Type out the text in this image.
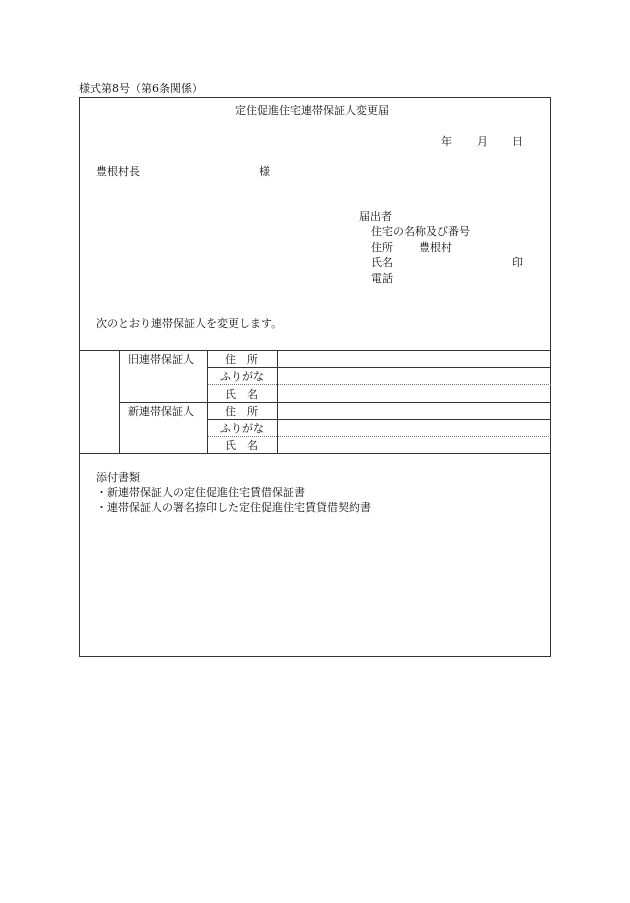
様式第8号（第6条関係）
定住促進住宅連帯保証人変更届
年 月 日
豊根村長	様
届出者
住宅の名称及び番号
住所 豊根村
氏名	印
電話
次のとおり連帯保証人を変更します。
旧連帯保証人	住　所
ふりがな
氏　名
新連帯保証人	住　所
ふりがな
氏　名
添付書類
・新連帯保証人の定住促進住宅賃借保証書
・連帯保証人の署名捺印した定住促進住宅賃貸借契約書
